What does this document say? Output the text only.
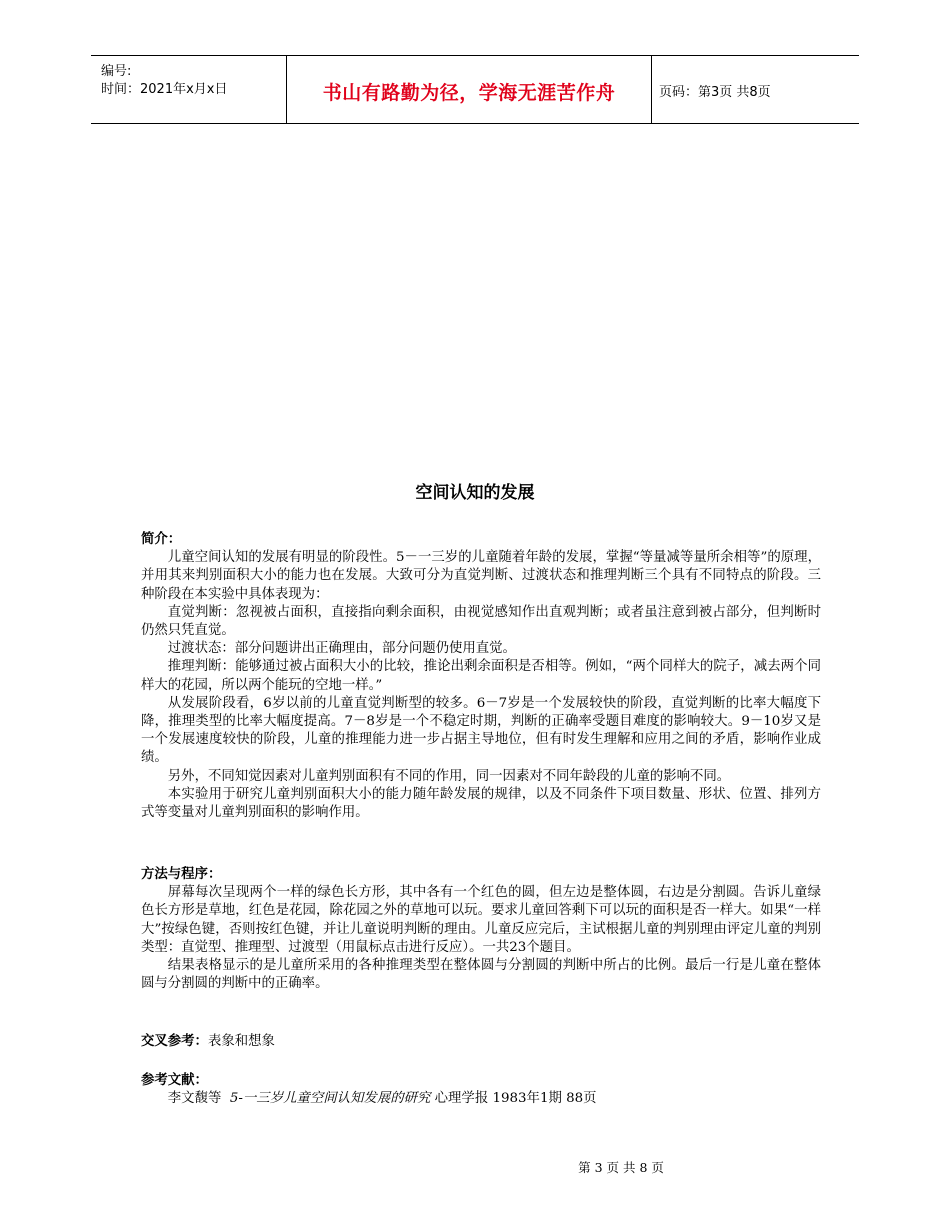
编号:
时间：2021年x月x日	书山有路勤为径，学海无涯苦作舟	页码：第3页 共8页
空间认知的发展
简介：

儿童空间认知的发展有明显的阶段性。5－一三岁的儿童随着年龄的发展，掌握“等量减等量所余相等”的原理，并用其来判别面积大小的能力也在发展。大致可分为直觉判断、过渡状态和推理判断三个具有不同特点的阶段。三种阶段在本实验中具体表现为：

直觉判断：忽视被占面积，直接指向剩余面积，由视觉感知作出直观判断；或者虽注意到被占部分，但判断时仍然只凭直觉。

过渡状态：部分问题讲出正确理由，部分问题仍使用直觉。

推理判断：能够通过被占面积大小的比较，推论出剩余面积是否相等。例如，“两个同样大的院子，减去两个同样大的花园，所以两个能玩的空地一样。”

从发展阶段看，6岁以前的儿童直觉判断型的较多。6－7岁是一个发展较快的阶段，直觉判断的比率大幅度下降，推理类型的比率大幅度提高。7－8岁是一个不稳定时期，判断的正确率受题目难度的影响较大。9－10岁又是一个发展速度较快的阶段，儿童的推理能力进一步占据主导地位，但有时发生理解和应用之间的矛盾，影响作业成绩。

另外，不同知觉因素对儿童判别面积有不同的作用，同一因素对不同年龄段的儿童的影响不同。

本实验用于研究儿童判别面积大小的能力随年龄发展的规律，以及不同条件下项目数量、形状、位置、排列方式等变量对儿童判别面积的影响作用。

方法与程序：

屏幕每次呈现两个一样的绿色长方形，其中各有一个红色的圆，但左边是整体圆，右边是分割圆。告诉儿童绿色长方形是草地，红色是花园，除花园之外的草地可以玩。要求儿童回答剩下可以玩的面积是否一样大。如果“一样大”按绿色键，否则按红色键，并让儿童说明判断的理由。儿童反应完后，主试根据儿童的判别理由评定儿童的判别类型：直觉型、推理型、过渡型（用鼠标点击进行反应）。一共23个题目。

结果表格显示的是儿童所采用的各种推理类型在整体圆与分割圆的判断中所占的比例。最后一行是儿童在整体圆与分割圆的判断中的正确率。

交叉参考：表象和想象
参考文献：

李文馥等 5-一三岁儿童空间认知发展的研究 心理学报 1983年1期 88页

第 3 页 共 8 页
